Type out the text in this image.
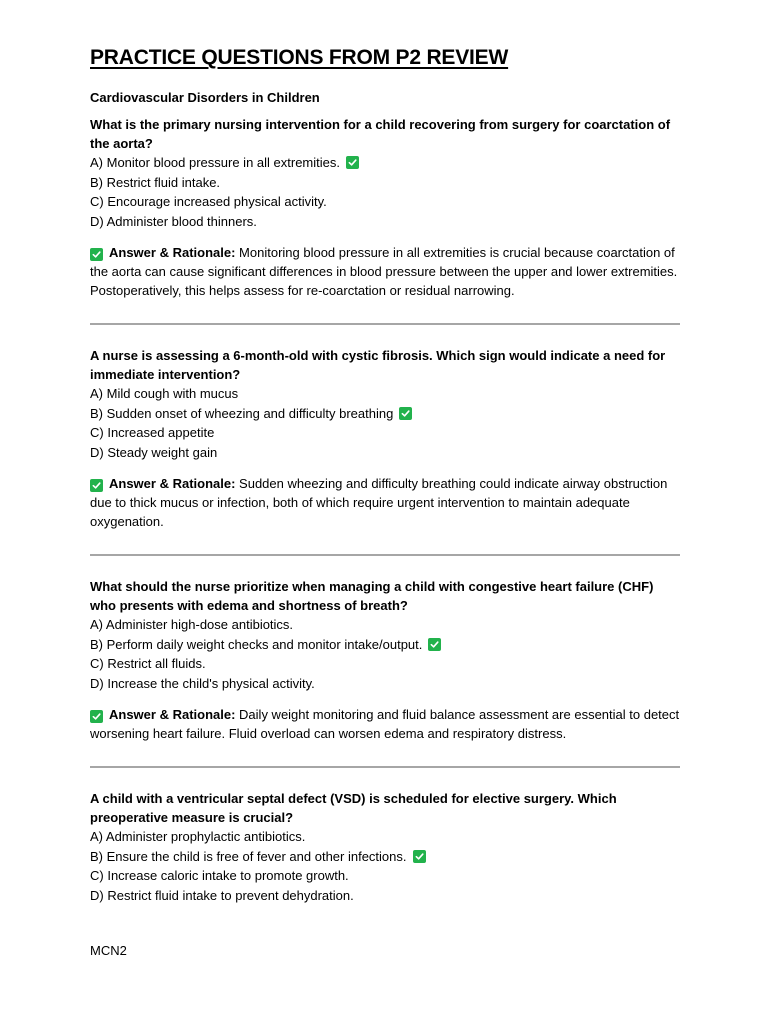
PRACTICE QUESTIONS FROM P2 REVIEW
Cardiovascular Disorders in Children

What is the primary nursing intervention for a child recovering from surgery for coarctation of the aorta?

A) Monitor blood pressure in all extremities.
B) Restrict fluid intake.
C) Encourage increased physical activity.
D) Administer blood thinners.

Answer & Rationale: Monitoring blood pressure in all extremities is crucial because coarctation of the aorta can cause significant differences in blood pressure between the upper and lower extremities. Postoperatively, this helps assess for re-coarctation or residual narrowing.

A nurse is assessing a 6-month-old with cystic fibrosis. Which sign would indicate a need for immediate intervention?

A) Mild cough with mucus
B) Sudden onset of wheezing and difficulty breathing
C) Increased appetite
D) Steady weight gain

Answer & Rationale: Sudden wheezing and difficulty breathing could indicate airway obstruction due to thick mucus or infection, both of which require urgent intervention to maintain adequate oxygenation.

What should the nurse prioritize when managing a child with congestive heart failure (CHF) who presents with edema and shortness of breath?

A) Administer high-dose antibiotics.
B) Perform daily weight checks and monitor intake/output.
C) Restrict all fluids.
D) Increase the child's physical activity.

Answer & Rationale: Daily weight monitoring and fluid balance assessment are essential to detect worsening heart failure. Fluid overload can worsen edema and respiratory distress.

A child with a ventricular septal defect (VSD) is scheduled for elective surgery. Which preoperative measure is crucial?

A) Administer prophylactic antibiotics.
B) Ensure the child is free of fever and other infections.
C) Increase caloric intake to promote growth.
D) Restrict fluid intake to prevent dehydration.
MCN2
